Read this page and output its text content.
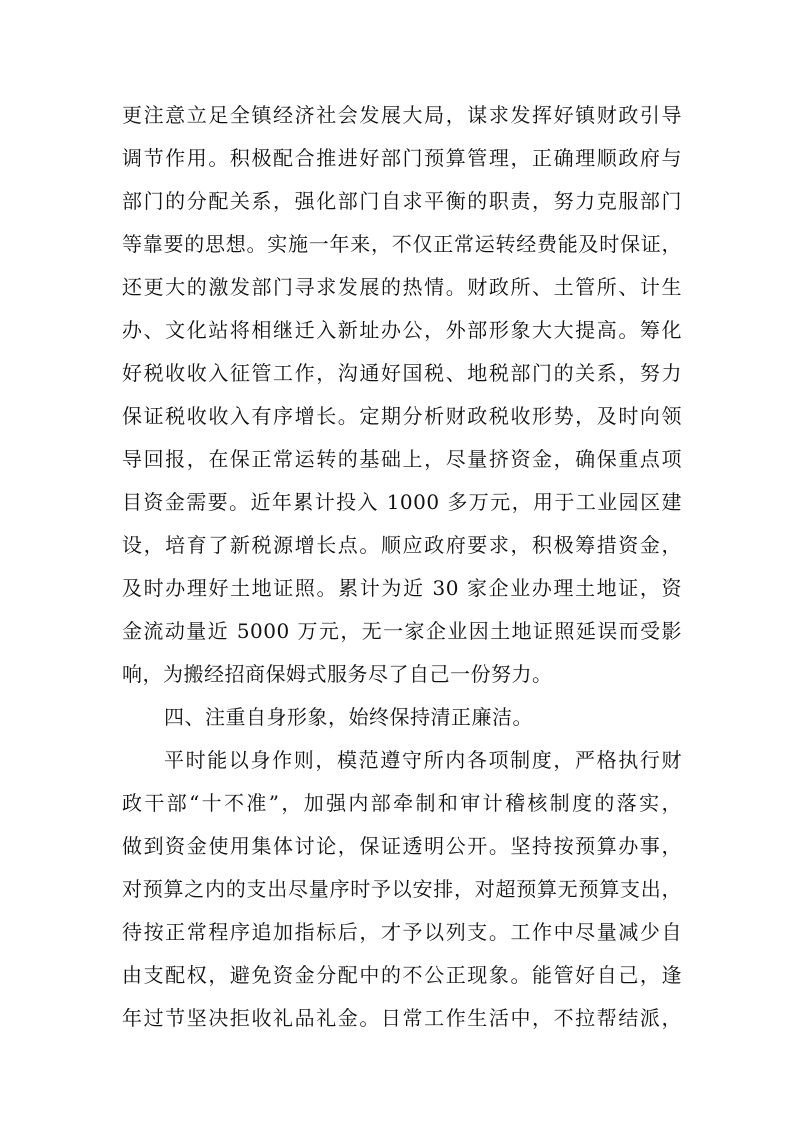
更注意立足全镇经济社会发展大局，谋求发挥好镇财政引导
调节作用。积极配合推进好部门预算管理，正确理顺政府与
部门的分配关系，强化部门自求平衡的职责，努力克服部门
等靠要的思想。实施一年来，不仅正常运转经费能及时保证，
还更大的激发部门寻求发展的热情。财政所、土管所、计生
办、文化站将相继迁入新址办公，外部形象大大提高。筹化
好税收收入征管工作，沟通好国税、地税部门的关系，努力
保证税收收入有序增长。定期分析财政税收形势，及时向领
导回报，在保正常运转的基础上，尽量挤资金，确保重点项
目资金需要。近年累计投入 1000 多万元，用于工业园区建
设，培育了新税源增长点。顺应政府要求，积极筹措资金，
及时办理好土地证照。累计为近 30 家企业办理土地证，资
金流动量近 5000 万元，无一家企业因土地证照延误而受影
响，为搬经招商保姆式服务尽了自己一份努力。
四、注重自身形象，始终保持清正廉洁。
平时能以身作则，模范遵守所内各项制度，严格执行财
政干部“十不准”，加强内部牵制和审计稽核制度的落实，
做到资金使用集体讨论，保证透明公开。坚持按预算办事，
对预算之内的支出尽量序时予以安排，对超预算无预算支出，
待按正常程序追加指标后，才予以列支。工作中尽量减少自
由支配权，避免资金分配中的不公正现象。能管好自己，逢
年过节坚决拒收礼品礼金。日常工作生活中，不拉帮结派，
